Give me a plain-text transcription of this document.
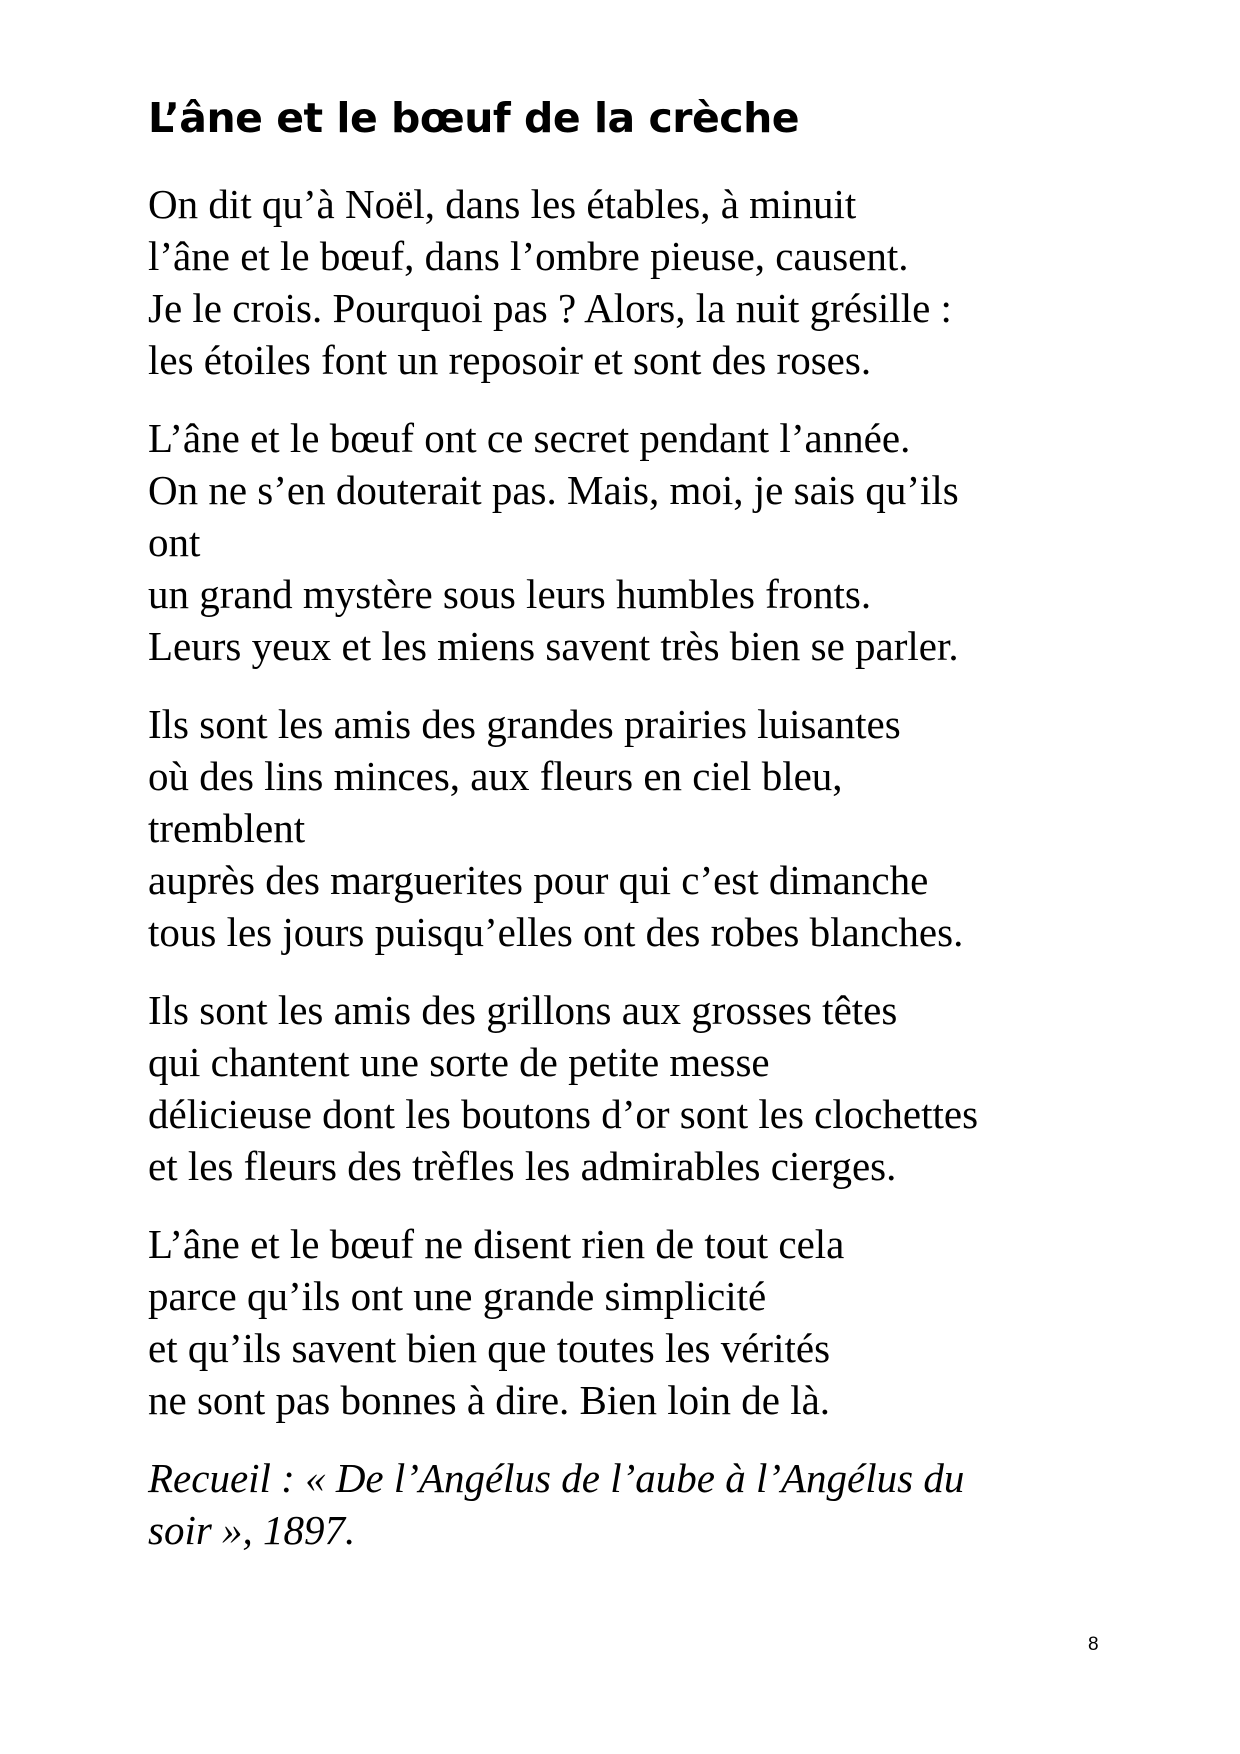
L’âne et le bœuf de la crèche
On dit qu’à Noël, dans les étables, à minuit
l’âne et le bœuf, dans l’ombre pieuse, causent.
Je le crois. Pourquoi pas ? Alors, la nuit grésille :
les étoiles font un reposoir et sont des roses.
L’âne et le bœuf ont ce secret pendant l’année.
On ne s’en douterait pas. Mais, moi, je sais qu’ils
ont
un grand mystère sous leurs humbles fronts.
Leurs yeux et les miens savent très bien se parler.
Ils sont les amis des grandes prairies luisantes
où des lins minces, aux fleurs en ciel bleu,
tremblent
auprès des marguerites pour qui c’est dimanche
tous les jours puisqu’elles ont des robes blanches.
Ils sont les amis des grillons aux grosses têtes
qui chantent une sorte de petite messe
délicieuse dont les boutons d’or sont les clochettes
et les fleurs des trèfles les admirables cierges.
L’âne et le bœuf ne disent rien de tout cela
parce qu’ils ont une grande simplicité
et qu’ils savent bien que toutes les vérités
ne sont pas bonnes à dire. Bien loin de là.
Recueil : « De l’Angélus de l’aube à l’Angélus du
soir », 1897.
8
